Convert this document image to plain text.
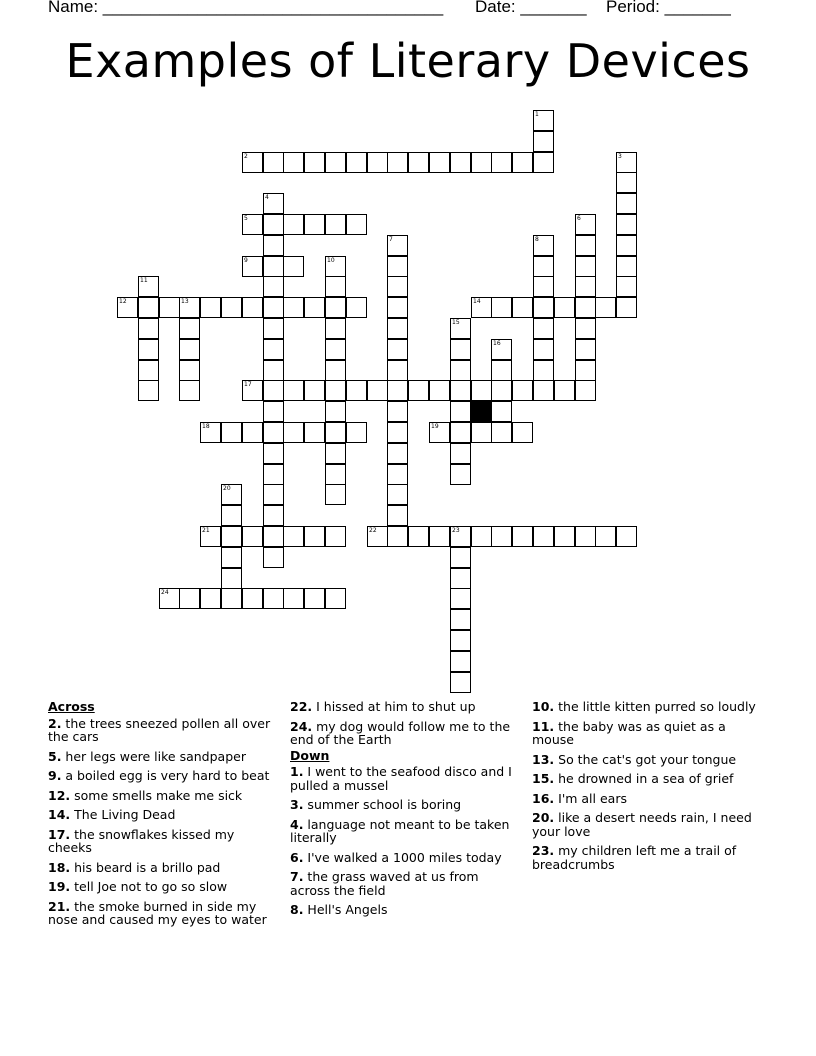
Name: ____________________________________ Date: _______ Period: _______
Examples of Literary Devices
2
5
9
12	13	14
17
18	19
21	22	23
24
1
3
4
6
7	8
10
11
15
16
20
Across
2. the trees sneezed pollen all over the cars
5. her legs were like sandpaper
9. a boiled egg is very hard to beat
12. some smells make me sick
14. The Living Dead
17. the snowflakes kissed my cheeks
18. his beard is a brillo pad
19. tell Joe not to go so slow
21. the smoke burned in side my nose and caused my eyes to water
22. I hissed at him to shut up
24. my dog would follow me to the end of the Earth
Down
1. I went to the seafood disco and I pulled a mussel
3. summer school is boring
4. language not meant to be taken literally
6. I've walked a 1000 miles today
7. the grass waved at us from across the field
8. Hell's Angels
10. the little kitten purred so loudly
11. the baby was as quiet as a mouse
13. So the cat's got your tongue
15. he drowned in a sea of grief
16. I'm all ears
20. like a desert needs rain, I need your love
23. my children left me a trail of breadcrumbs
